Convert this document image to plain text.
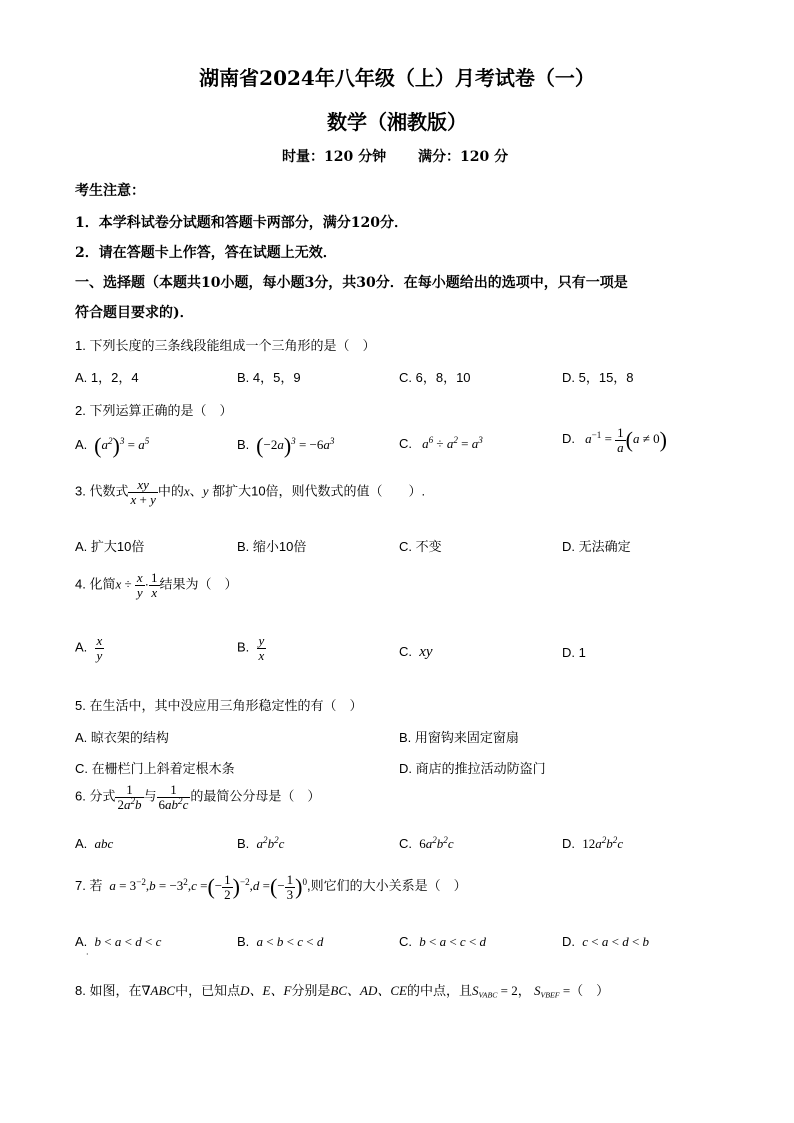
湖南省2024年八年级（上）月考试卷（一）
数学（湘教版）
时量：120 分钟 满分：120 分
考生注意：
1．本学科试卷分试题和答题卡两部分，满分120分．
2．请在答题卡上作答，答在试题上无效．
一、选择题（本题共10小题，每小题3分，共30分．在每小题给出的选项中，只有一项是
符合题目要求的)．
1. 下列长度的三条线段能组成一个三角形的是（　）
A. 1，2，4	B. 4，5，9	C. 6，8，10	D. 5，15，8
2. 下列运算正确的是（　）
A. $(a^2)^3 = a^5$	B. $(-2a)^3 = -6a^3$	C.   $a^6 \div a^2 = a^3$	D.   $a^{-1} = \frac{1}{a} (a \ne 0)$
3. 代数式 $\frac{xy}{x + y}$ 中的x、y 都扩大10倍，则代数式的值（　　）.
A. 扩大10倍	B. 缩小10倍	C. 不变	D. 无法确定
4. 化简$x \div \frac{x}{y} \cdot \frac{1}{x}$ 结果为（　）
A. $\frac{x}{y}$	B. $\frac{y}{x}$	C. xy	D. 1
5. 在生活中，其中没应用三角形稳定性的有（　）
A. 晾衣架的结构	B. 用窗钩来固定窗扇
C. 在栅栏门上斜着定根木条	D. 商店的推拉活动防盗门
6. 分式 $\frac{1}{2a^2b}$ 与 $\frac{1}{6ab^2c}$ 的最简公分母是（　）
A. abc	B. $a^2b^2c$	C. $6a^2b^2c$	D. $12a^2b^2c$
7. 若  $a = 3^{-2},b = -3^2,c$ =(− $\frac{1}{2} )^{-2},d$ =(− $\frac{1}{3} )^0$,则它们的大小关系是（　）
A. b < a < d < c	B. a < b < c < d	C. b < a < c < d	D. c < a < d < b
·
8. 如图，在∇ABC中，已知点D、E、F分别是BC、AD、CE的中点，且$S_{VABC} = 2$， $S_{VBEF}$ =（　）
